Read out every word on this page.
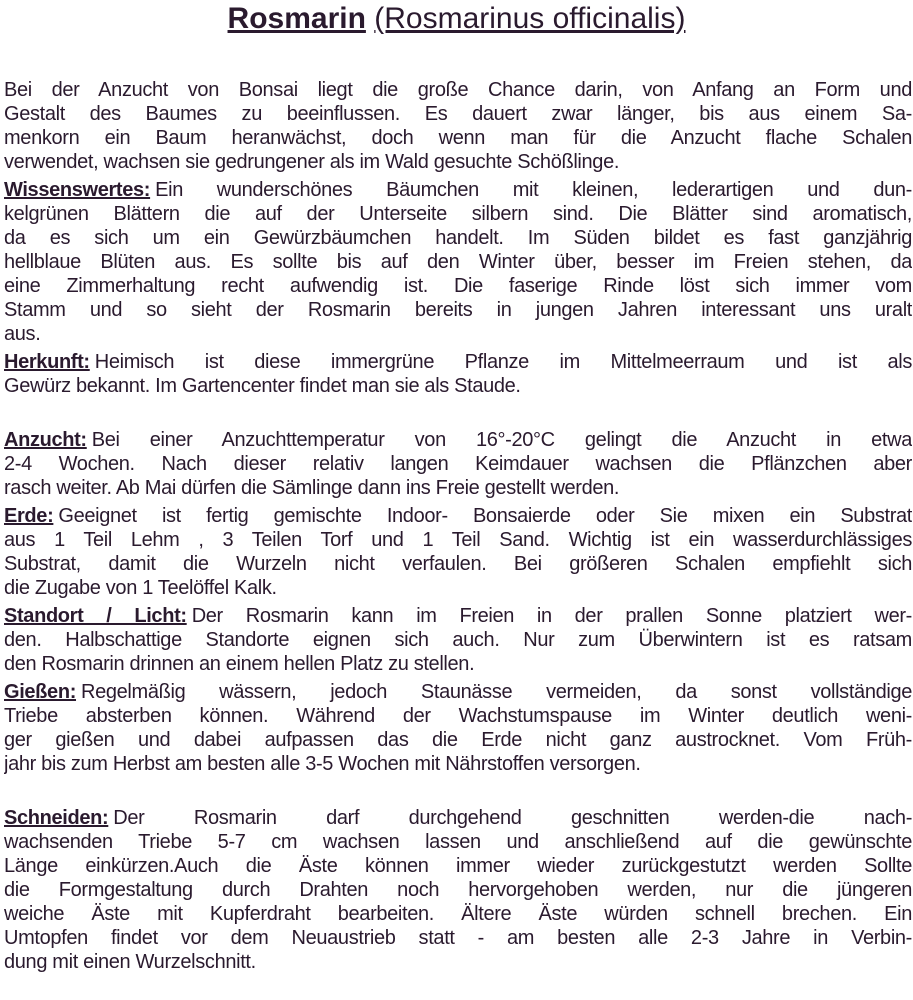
Rosmarin (Rosmarinus officinalis)
Bei der Anzucht von Bonsai liegt die große Chance darin, von Anfang an Form und
Gestalt des Baumes zu beeinflussen. Es dauert zwar länger, bis aus einem Sa-
menkorn ein Baum heranwächst, doch wenn man für die Anzucht flache Schalen
verwendet, wachsen sie gedrungener als im Wald gesuchte Schößlinge.
Wissenswertes: Ein wunderschönes Bäumchen mit kleinen, lederartigen und dun-
kelgrünen Blättern die auf der Unterseite silbern sind. Die Blätter sind aromatisch,
da es sich um ein Gewürzbäumchen handelt. Im Süden bildet es fast ganzjährig
hellblaue Blüten aus. Es sollte bis auf den Winter über, besser im Freien stehen, da
eine Zimmerhaltung recht aufwendig ist. Die faserige Rinde löst sich immer vom
Stamm und so sieht der Rosmarin bereits in jungen Jahren interessant uns uralt
aus.
Herkunft: Heimisch ist diese immergrüne Pflanze im Mittelmeerraum und ist als
Gewürz bekannt. Im Gartencenter findet man sie als Staude.
Anzucht: Bei einer Anzuchttemperatur von 16°-20°C gelingt die Anzucht in etwa
2-4 Wochen. Nach dieser relativ langen Keimdauer wachsen die Pflänzchen aber
rasch weiter. Ab Mai dürfen die Sämlinge dann ins Freie gestellt werden.
Erde: Geeignet ist fertig gemischte Indoor- Bonsaierde oder Sie mixen ein Substrat
aus 1 Teil Lehm , 3 Teilen Torf und 1 Teil Sand. Wichtig ist ein wasserdurchlässiges
Substrat, damit die Wurzeln nicht verfaulen. Bei größeren Schalen empfiehlt sich
die Zugabe von 1 Teelöffel Kalk.
Standort / Licht: Der Rosmarin kann im Freien in der prallen Sonne platziert wer-
den. Halbschattige Standorte eignen sich auch. Nur zum Überwintern ist es ratsam
den Rosmarin drinnen an einem hellen Platz zu stellen.
Gießen: Regelmäßig wässern, jedoch Staunässe vermeiden, da sonst vollständige
Triebe absterben können. Während der Wachstumspause im Winter deutlich weni-
ger gießen und dabei aufpassen das die Erde nicht ganz austrocknet. Vom Früh-
jahr bis zum Herbst am besten alle 3-5 Wochen mit Nährstoffen versorgen.
Schneiden: Der Rosmarin darf durchgehend geschnitten werden-die nach-
wachsenden Triebe 5-7 cm wachsen lassen und anschließend auf die gewünschte
Länge einkürzen.Auch die Äste können immer wieder zurückgestutzt werden Sollte
die Formgestaltung durch Drahten noch hervorgehoben werden, nur die jüngeren
weiche Äste mit Kupferdraht bearbeiten. Ältere Äste würden schnell brechen. Ein
Umtopfen findet vor dem Neuaustrieb statt - am besten alle 2-3 Jahre in Verbin-
dung mit einen Wurzelschnitt.
